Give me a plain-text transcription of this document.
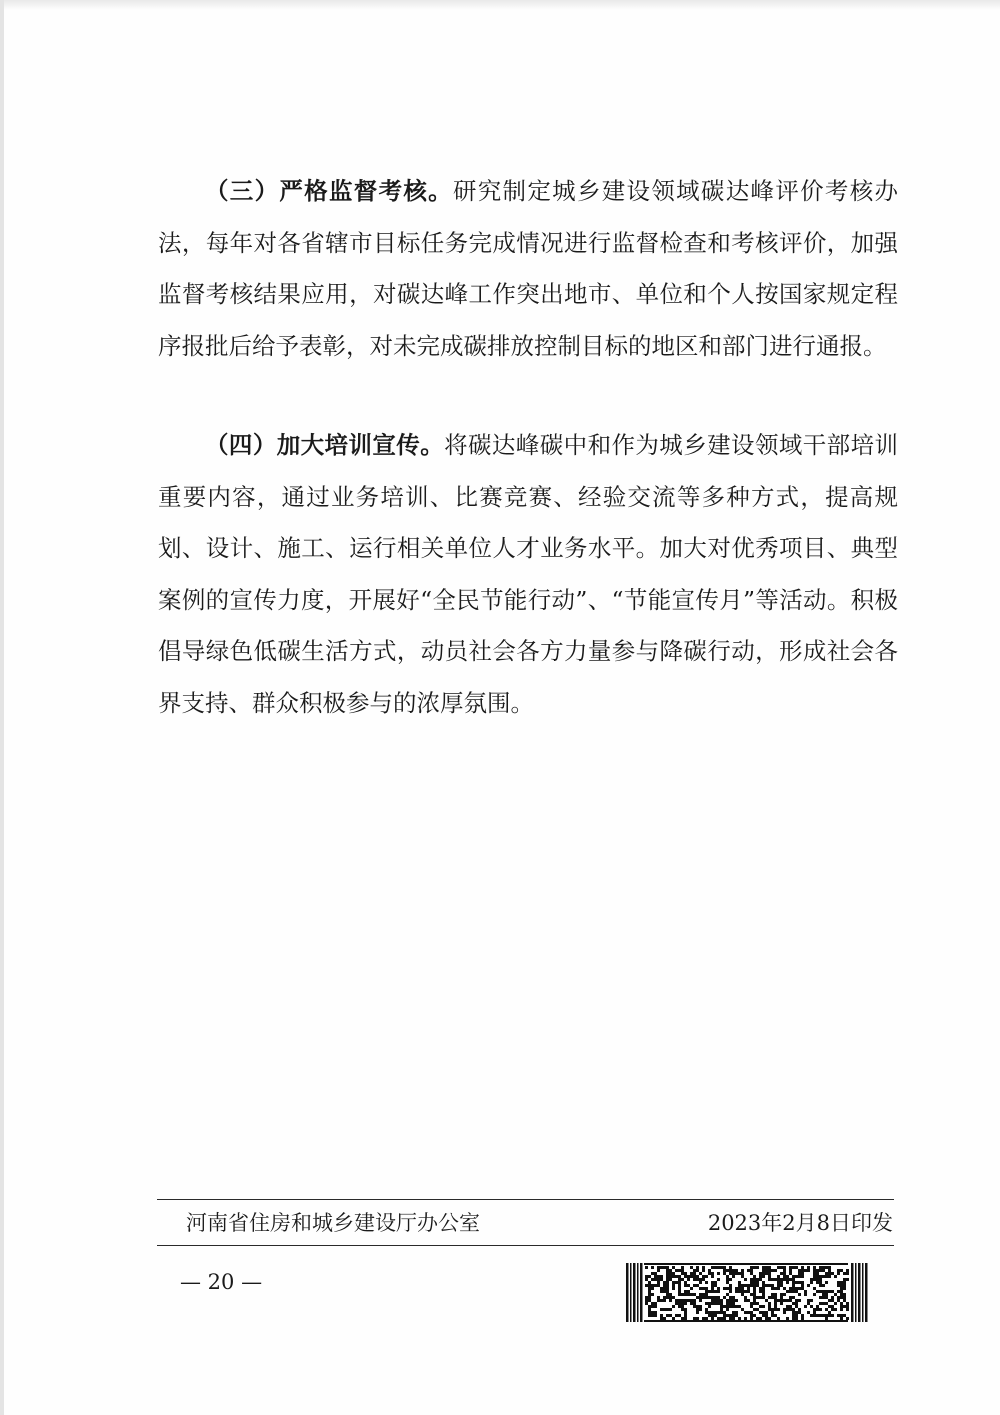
（三）严格监督考核。研究制定城乡建设领域碳达峰评价考核办法，每年对各省辖市目标任务完成情况进行监督检查和考核评价，加强监督考核结果应用，对碳达峰工作突出地市、单位和个人按国家规定程序报批后给予表彰，对未完成碳排放控制目标的地区和部门进行通报。

（四）加大培训宣传。将碳达峰碳中和作为城乡建设领域干部培训重要内容，通过业务培训、比赛竞赛、经验交流等多种方式，提高规划、设计、施工、运行相关单位人才业务水平。加大对优秀项目、典型案例的宣传力度，开展好“全民节能行动”、“节能宣传月”等活动。积极倡导绿色低碳生活方式，动员社会各方力量参与降碳行动，形成社会各界支持、群众积极参与的浓厚氛围。

河南省住房和城乡建设厅办公室	2023年2月8日印发
— 20 —
